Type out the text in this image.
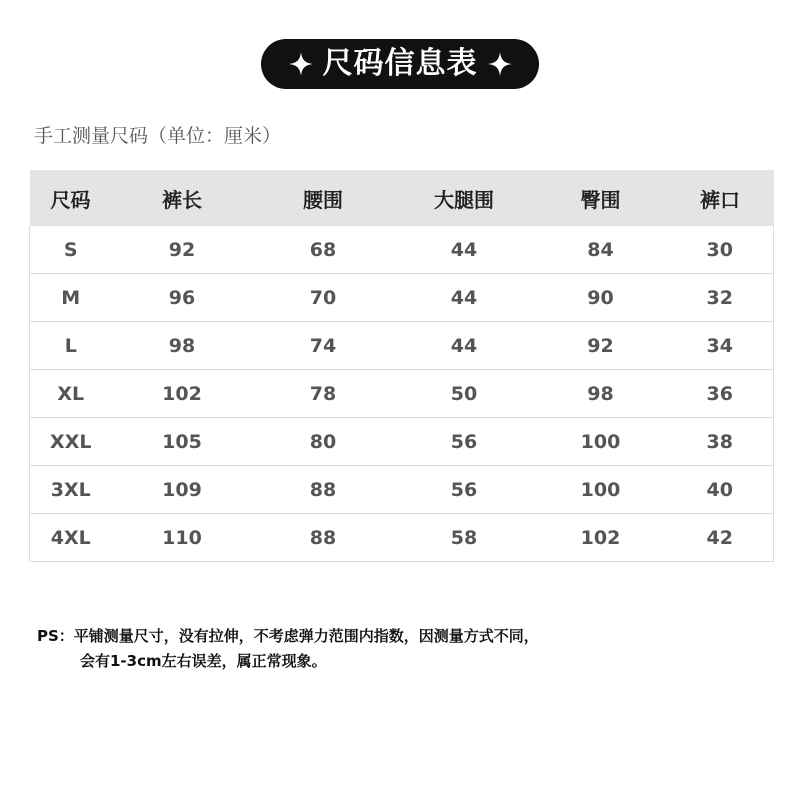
尺码信息表
手工测量尺码（单位：厘米）
尺码	裤长	腰围	大腿围	臀围	裤口
S	92	68	44	84	30
M	96	70	44	90	32
L	98	74	44	92	34
XL	102	78	50	98	36
XXL	105	80	56	100	38
3XL	109	88	56	100	40
4XL	110	88	58	102	42
PS：平铺测量尺寸，没有拉伸，不考虑弹力范围内指数，因测量方式不同，
会有1-3cm左右误差，属正常现象。
